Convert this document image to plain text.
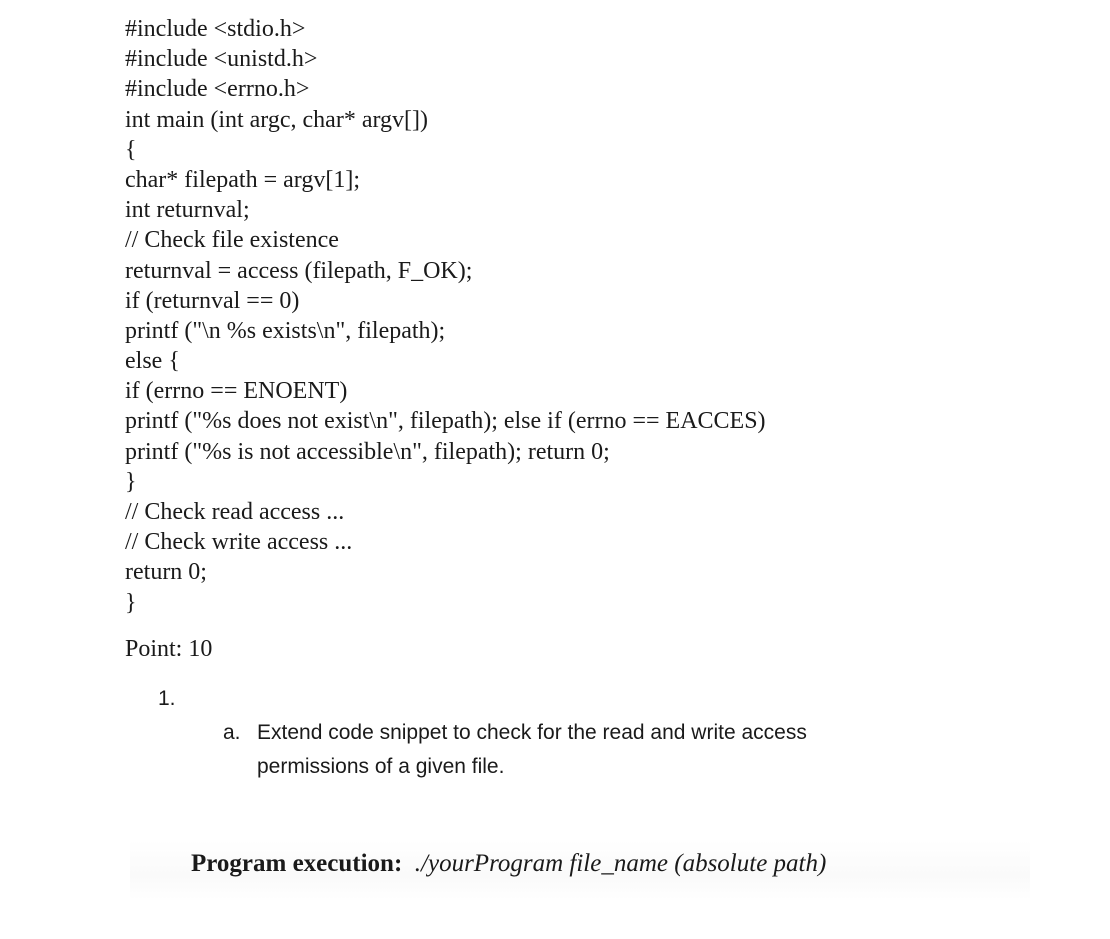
#include <stdio.h>
#include <unistd.h>
#include <errno.h>
int main (int argc, char* argv[])
{
char* filepath = argv[1];
int returnval;
// Check file existence
returnval = access (filepath, F_OK);
if (returnval == 0)
printf ("\n %s exists\n", filepath);
else {
if (errno == ENOENT)
printf ("%s does not exist\n", filepath); else if (errno == EACCES)
printf ("%s is not accessible\n", filepath); return 0;
}
// Check read access ...
// Check write access ...
return 0;
}
Point: 10
1.
a. Extend code snippet to check for the read and write access permissions of a given file.
Program execution: ./yourProgram file_name (absolute path)
